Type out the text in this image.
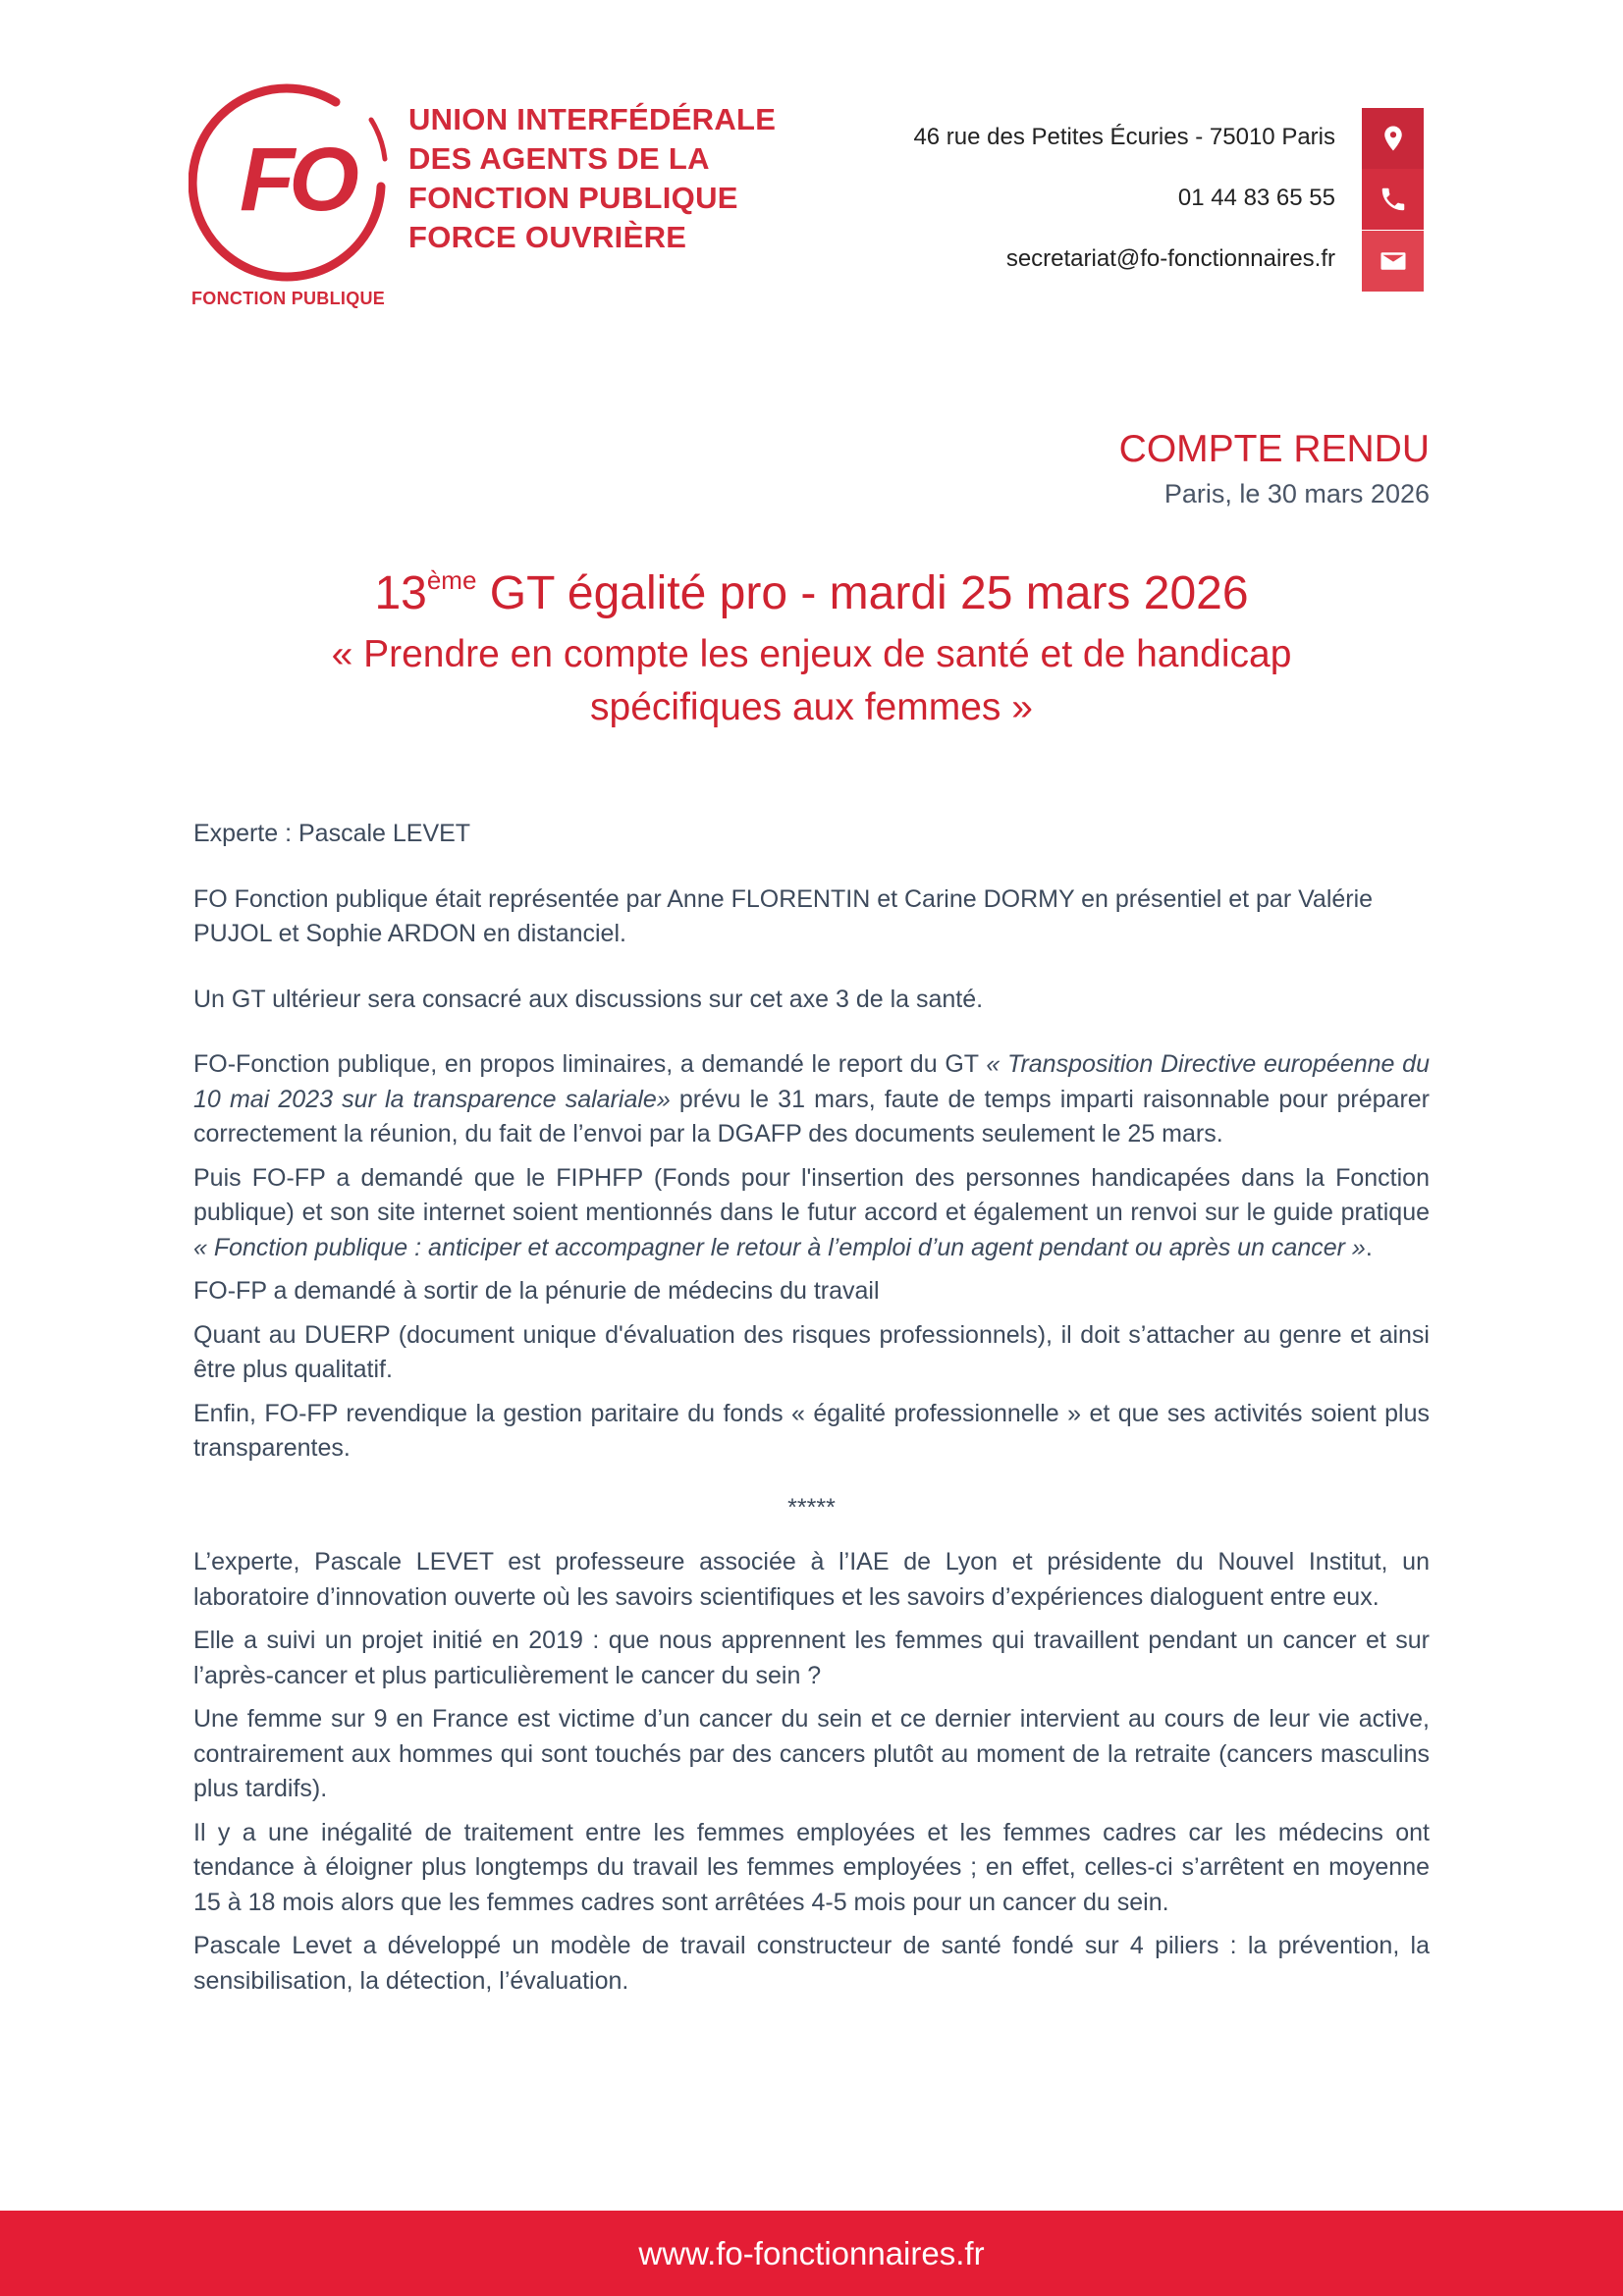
FO
FONCTION PUBLIQUE
UNION INTERFÉDÉRALE
DES AGENTS DE LA
FONCTION PUBLIQUE
FORCE OUVRIÈRE
46 rue des Petites Écuries - 75010 Paris
01 44 83 65 55
secretariat@fo-fonctionnaires.fr
COMPTE RENDU
Paris, le 30 mars 2026
13ème GT égalité pro - mardi 25 mars 2026
« Prendre en compte les enjeux de santé et de handicap
spécifiques aux femmes »

Experte : Pascale LEVET

FO Fonction publique était représentée par Anne FLORENTIN et Carine DORMY en présentiel et par Valérie PUJOL et Sophie ARDON en distanciel.

Un GT ultérieur sera consacré aux discussions sur cet axe 3 de la santé.

FO-Fonction publique, en propos liminaires, a demandé le report du GT « Transposition Directive européenne du 10 mai 2023 sur la transparence salariale» prévu le 31 mars, faute de temps imparti raisonnable pour préparer correctement la réunion, du fait de l’envoi par la DGAFP des documents seulement le 25 mars.

Puis FO-FP a demandé que le FIPHFP (Fonds pour l'insertion des personnes handicapées dans la Fonction publique) et son site internet soient mentionnés dans le futur accord et également un renvoi sur le guide pratique « Fonction publique : anticiper et accompagner le retour à l’emploi d’un agent pendant ou après un cancer ».

FO-FP a demandé à sortir de la pénurie de médecins du travail

Quant au DUERP (document unique d'évaluation des risques professionnels), il doit s’attacher au genre et ainsi être plus qualitatif.

Enfin, FO-FP revendique la gestion paritaire du fonds « égalité professionnelle » et que ses activités soient plus transparentes.

*****

L’experte, Pascale LEVET est professeure associée à l’IAE de Lyon et présidente du Nouvel Institut, un laboratoire d’innovation ouverte où les savoirs scientifiques et les savoirs d’expériences dialoguent entre eux.

Elle a suivi un projet initié en 2019 : que nous apprennent les femmes qui travaillent pendant un cancer et sur l’après-cancer et plus particulièrement le cancer du sein ?

Une femme sur 9 en France est victime d’un cancer du sein et ce dernier intervient au cours de leur vie active, contrairement aux hommes qui sont touchés par des cancers plutôt au moment de la retraite (cancers masculins plus tardifs).

Il y a une inégalité de traitement entre les femmes employées et les femmes cadres car les médecins ont tendance à éloigner plus longtemps du travail les femmes employées ; en effet, celles-ci s’arrêtent en moyenne 15 à 18 mois alors que les femmes cadres sont arrêtées 4-5 mois pour un cancer du sein.

Pascale Levet a développé un modèle de travail constructeur de santé fondé sur 4 piliers : la prévention, la sensibilisation, la détection, l’évaluation.

www.fo-fonctionnaires.fr
